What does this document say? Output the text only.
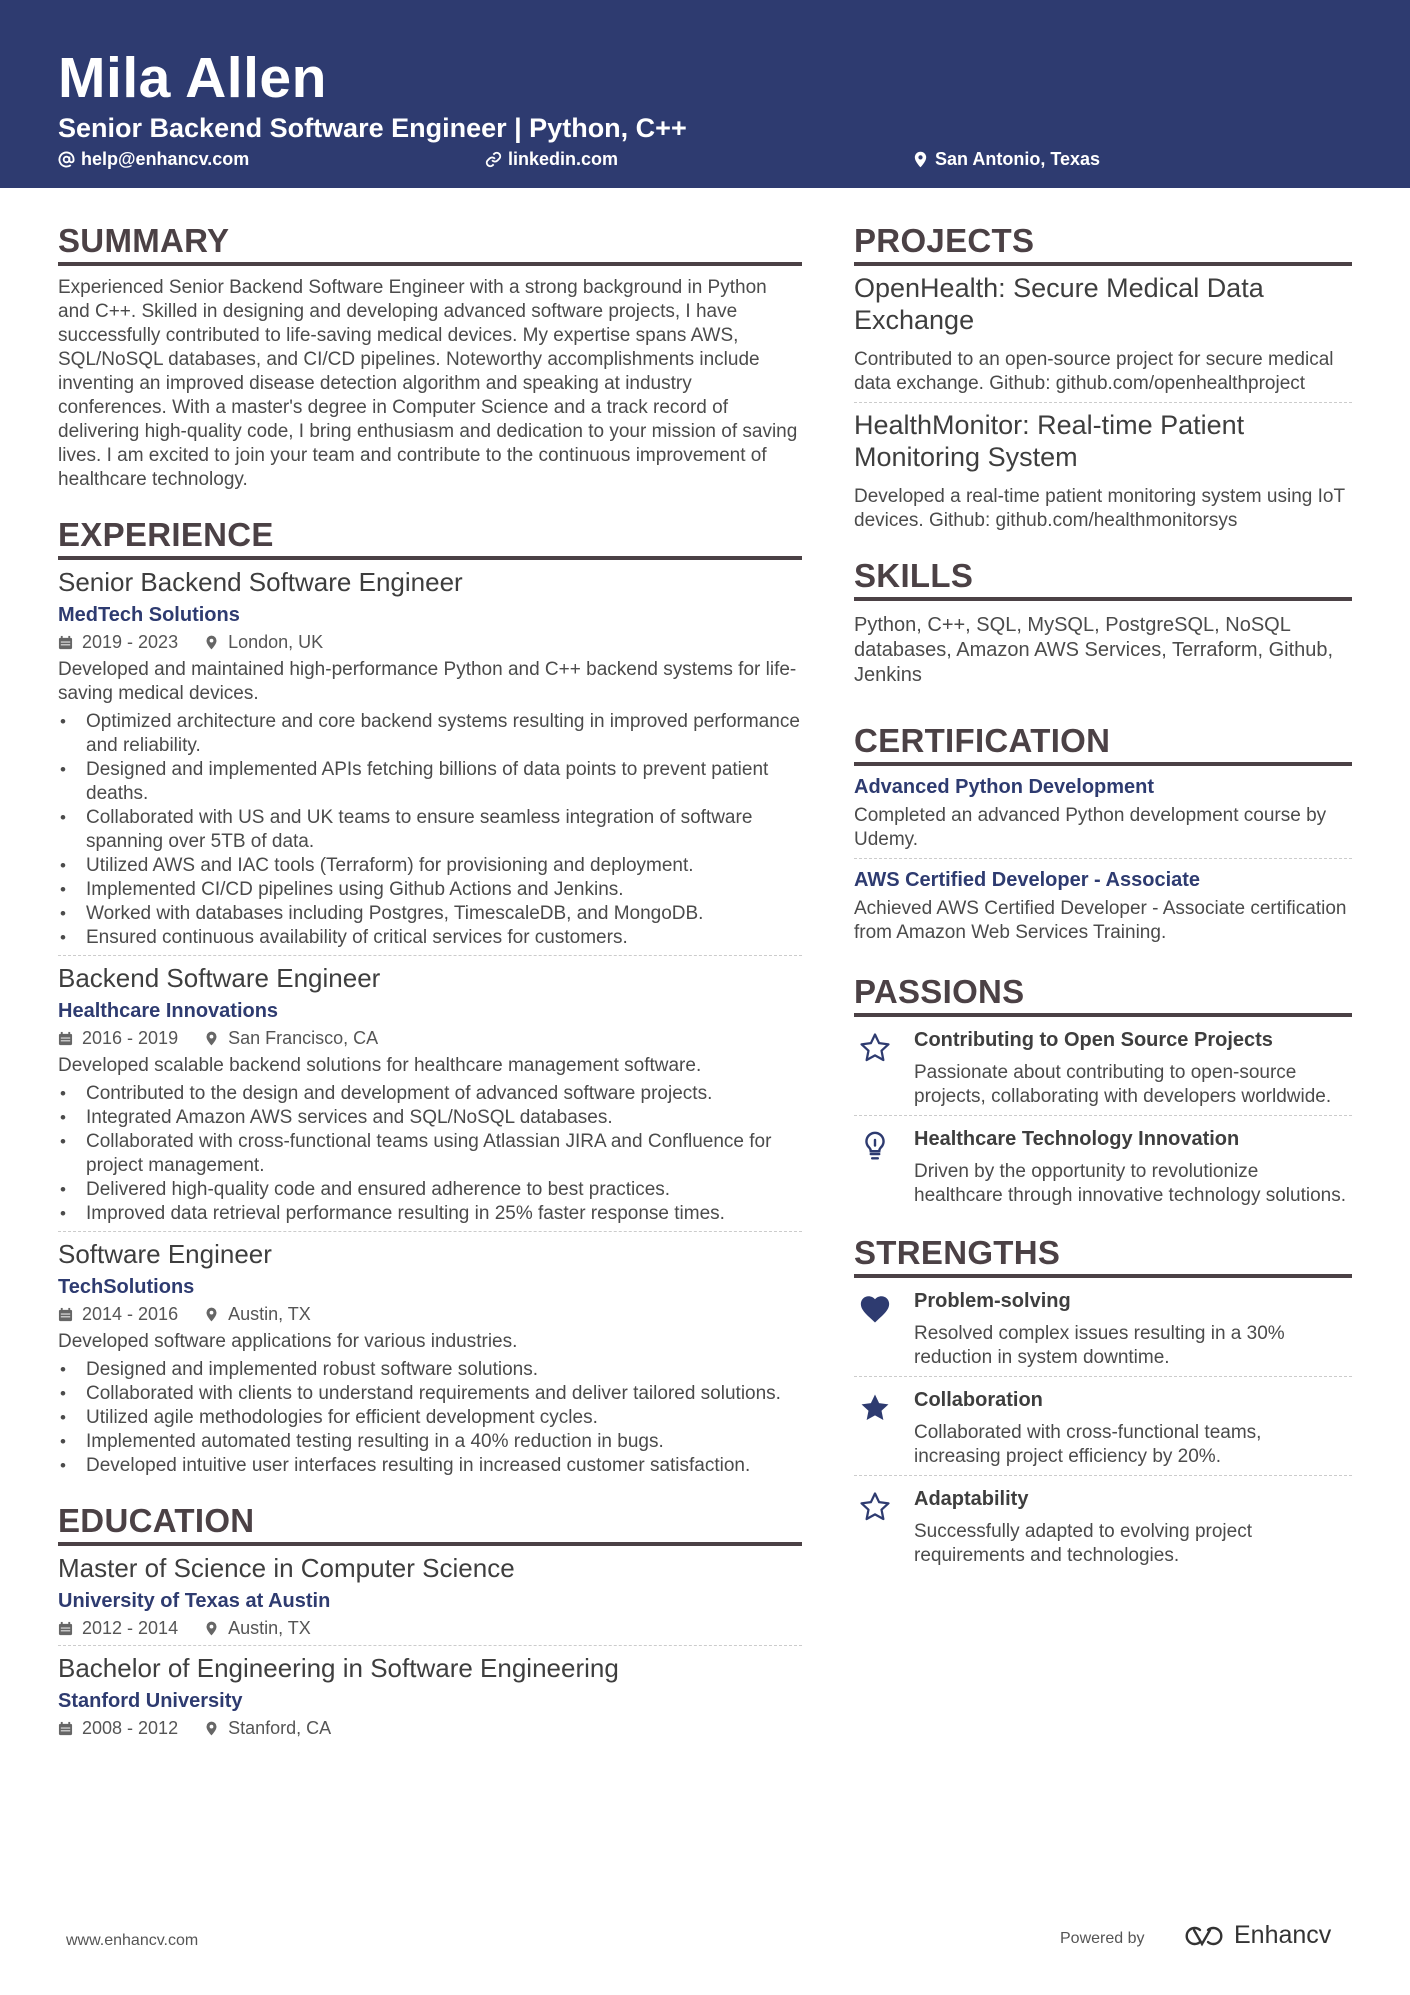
Mila Allen
Senior Backend Software Engineer | Python, C++
help@enhancv.com	linkedin.com	San Antonio, Texas
SUMMARY
Experienced Senior Backend Software Engineer with a strong background in Python and C++. Skilled in designing and developing advanced software projects, I have successfully contributed to life-saving medical devices. My expertise spans AWS, SQL/NoSQL databases, and CI/CD pipelines. Noteworthy accomplishments include inventing an improved disease detection algorithm and speaking at industry conferences. With a master's degree in Computer Science and a track record of delivering high-quality code, I bring enthusiasm and dedication to your mission of saving lives. I am excited to join your team and contribute to the continuous improvement of healthcare technology.
EXPERIENCE
Senior Backend Software Engineer
MedTech Solutions
2019 - 2023	London, UK
Developed and maintained high-performance Python and C++ backend systems for life-saving medical devices.
• Optimized architecture and core backend systems resulting in improved performance and reliability.
• Designed and implemented APIs fetching billions of data points to prevent patient deaths.
• Collaborated with US and UK teams to ensure seamless integration of software spanning over 5TB of data.
• Utilized AWS and IAC tools (Terraform) for provisioning and deployment.
• Implemented CI/CD pipelines using Github Actions and Jenkins.
• Worked with databases including Postgres, TimescaleDB, and MongoDB.
• Ensured continuous availability of critical services for customers.
Backend Software Engineer
Healthcare Innovations
2016 - 2019	San Francisco, CA
Developed scalable backend solutions for healthcare management software.
• Contributed to the design and development of advanced software projects.
• Integrated Amazon AWS services and SQL/NoSQL databases.
• Collaborated with cross-functional teams using Atlassian JIRA and Confluence for project management.
• Delivered high-quality code and ensured adherence to best practices.
• Improved data retrieval performance resulting in 25% faster response times.
Software Engineer
TechSolutions
2014 - 2016	Austin, TX
Developed software applications for various industries.
• Designed and implemented robust software solutions.
• Collaborated with clients to understand requirements and deliver tailored solutions.
• Utilized agile methodologies for efficient development cycles.
• Implemented automated testing resulting in a 40% reduction in bugs.
• Developed intuitive user interfaces resulting in increased customer satisfaction.
EDUCATION
Master of Science in Computer Science
University of Texas at Austin
2012 - 2014	Austin, TX
Bachelor of Engineering in Software Engineering
Stanford University
2008 - 2012	Stanford, CA
PROJECTS
OpenHealth: Secure Medical Data Exchange
Contributed to an open-source project for secure medical data exchange. Github: github.com/openhealthproject
HealthMonitor: Real-time Patient Monitoring System
Developed a real-time patient monitoring system using IoT devices. Github: github.com/healthmonitorsys
SKILLS
Python, C++, SQL, MySQL, PostgreSQL, NoSQL databases, Amazon AWS Services, Terraform, Github, Jenkins
CERTIFICATION
Advanced Python Development
Completed an advanced Python development course by Udemy.
AWS Certified Developer - Associate
Achieved AWS Certified Developer - Associate certification from Amazon Web Services Training.
PASSIONS
Contributing to Open Source Projects
Passionate about contributing to open-source projects, collaborating with developers worldwide.
Healthcare Technology Innovation
Driven by the opportunity to revolutionize healthcare through innovative technology solutions.
STRENGTHS
Problem-solving
Resolved complex issues resulting in a 30% reduction in system downtime.
Collaboration
Collaborated with cross-functional teams, increasing project efficiency by 20%.
Adaptability
Successfully adapted to evolving project requirements and technologies.
www.enhancv.com	Powered by	Enhancv
